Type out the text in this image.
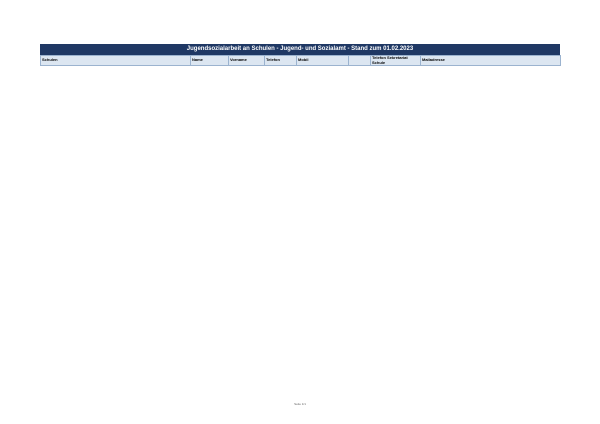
Jugendsozialarbeit an Schulen - Jugend- und Sozialamt - Stand zum 01.02.2023
Schulen	Name	Vorname	Telefon	Mobil		Telefon Sekretariat Schule	Mailadresse
Seite 1/1
